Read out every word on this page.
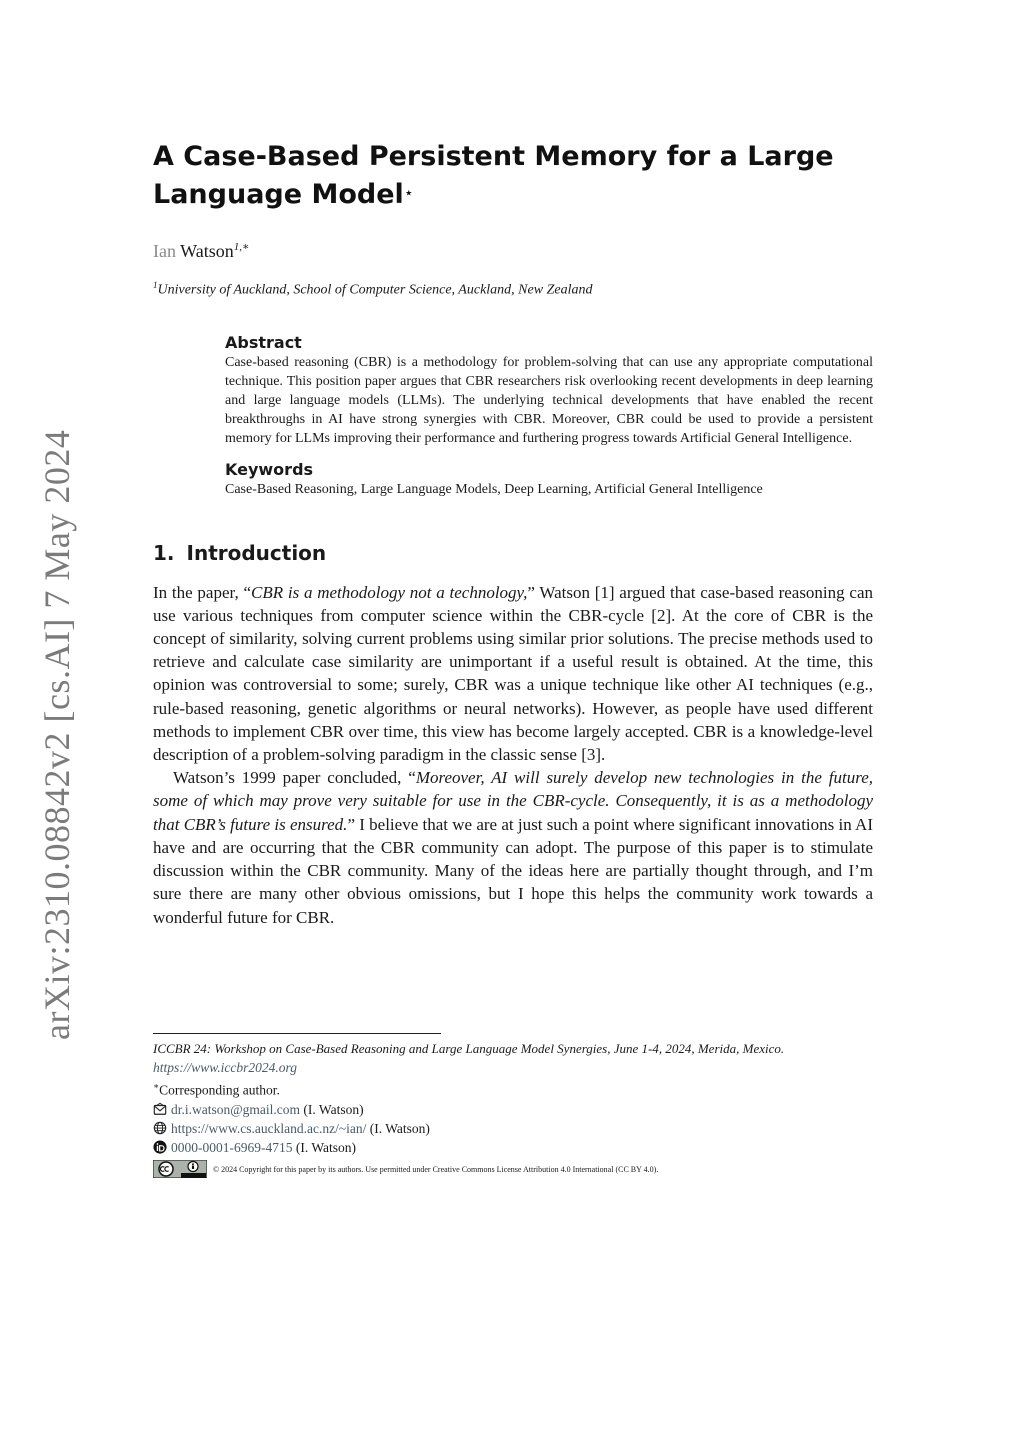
arXiv:2310.08842v2 [cs.AI] 7 May 2024
A Case-Based Persistent Memory for a Large Language Model⋆
Ian Watson$^{1,∗}$
$^1$University of Auckland, School of Computer Science, Auckland, New Zealand
Abstract
Case-based reasoning (CBR) is a methodology for problem-solving that can use any appropriate computational technique. This position paper argues that CBR researchers risk overlooking recent developments in deep learning and large language models (LLMs). The underlying technical developments that have enabled the recent breakthroughs in AI have strong synergies with CBR. Moreover, CBR could be used to provide a persistent memory for LLMs improving their performance and furthering progress towards Artificial General Intelligence.
Keywords
Case-Based Reasoning, Large Language Models, Deep Learning, Artificial General Intelligence
1. Introduction

In the paper, “CBR is a methodology not a technology,” Watson [1] argued that case-based reasoning can use various techniques from computer science within the CBR-cycle [2]. At the core of CBR is the concept of similarity, solving current problems using similar prior solutions. The precise methods used to retrieve and calculate case similarity are unimportant if a useful result is obtained. At the time, this opinion was controversial to some; surely, CBR was a unique technique like other AI techniques (e.g., rule-based reasoning, genetic algorithms or neural networks). However, as people have used different methods to implement CBR over time, this view has become largely accepted. CBR is a knowledge-level description of a problem-solving paradigm in the classic sense [3].

Watson’s 1999 paper concluded, “Moreover, AI will surely develop new technologies in the future, some of which may prove very suitable for use in the CBR-cycle. Consequently, it is as a methodology that CBR’s future is ensured.” I believe that we are at just such a point where significant innovations in AI have and are occurring that the CBR community can adopt. The purpose of this paper is to stimulate discussion within the CBR community. Many of the ideas here are partially thought through, and I’m sure there are many other obvious omissions, but I hope this helps the community work towards a wonderful future for CBR.

ICCBR 24: Workshop on Case-Based Reasoning and Large Language Model Synergies, June 1-4, 2024, Merida, Mexico.
https://www.iccbr2024.org
∗Corresponding author.
dr.i.watson@gmail.com (I. Watson)
https://www.cs.auckland.ac.nz/~ian/ (I. Watson)
0000-0001-6969-4715 (I. Watson)
© 2024 Copyright for this paper by its authors. Use permitted under Creative Commons License Attribution 4.0 International (CC BY 4.0).
